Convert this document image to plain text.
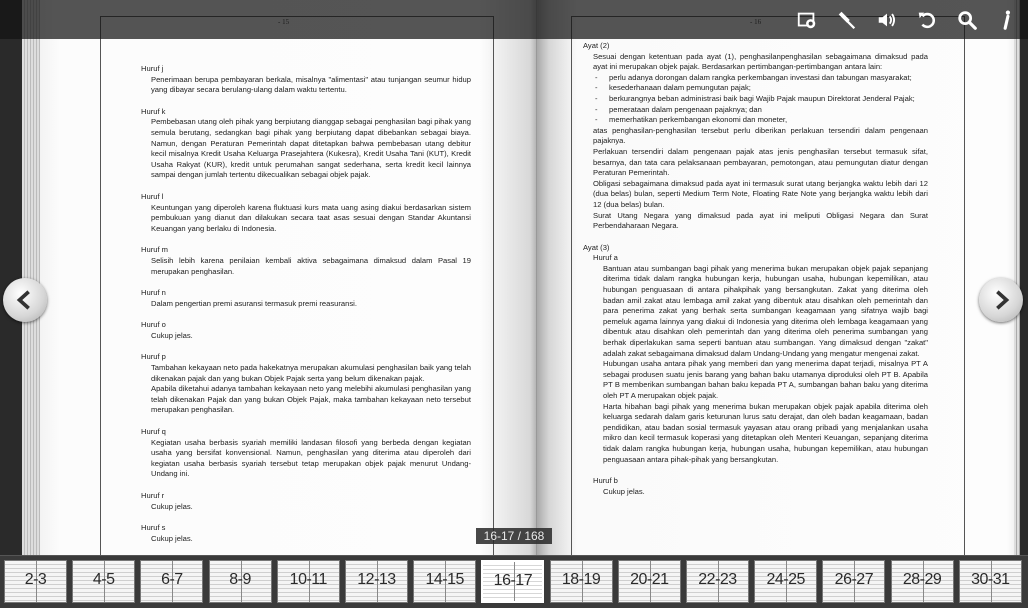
Huruf j

Penerimaan berupa pembayaran berkala, misalnya "alimentasi" atau tunjangan seumur hidup yang dibayar secara berulang-ulang dalam waktu tertentu.

Huruf k

Pembebasan utang oleh pihak yang berpiutang dianggap sebagai penghasilan bagi pihak yang semula berutang, sedangkan bagi pihak yang berpiutang dapat dibebankan sebagai biaya. Namun, dengan Peraturan Pemerintah dapat ditetapkan bahwa pembebasan utang debitur kecil misalnya Kredit Usaha Keluarga Prasejahtera (Kukesra), Kredit Usaha Tani (KUT), Kredit Usaha Rakyat (KUR), kredit untuk perumahan sangat sederhana, serta kredit kecil lainnya sampai dengan jumlah tertentu dikecualikan sebagai objek pajak.

Huruf l

Keuntungan yang diperoleh karena fluktuasi kurs mata uang asing diakui berdasarkan sistem pembukuan yang dianut dan dilakukan secara taat asas sesuai dengan Standar Akuntansi Keuangan yang berlaku di Indonesia.

Huruf m

Selisih lebih karena penilaian kembali aktiva sebagaimana dimaksud dalam Pasal 19 merupakan penghasilan.

Huruf n

Dalam pengertian premi asuransi termasuk premi reasuransi.

Huruf o

Cukup jelas.

Huruf p

Tambahan kekayaan neto pada hakekatnya merupakan akumulasi penghasilan baik yang telah dikenakan pajak dan yang bukan Objek Pajak serta yang belum dikenakan pajak.

Apabila diketahui adanya tambahan kekayaan neto yang melebihi akumulasi penghasilan yang telah dikenakan Pajak dan yang bukan Objek Pajak, maka tambahan kekayaan neto tersebut merupakan penghasilan.

Huruf q

Kegiatan usaha berbasis syariah memiliki landasan filosofi yang berbeda dengan kegiatan usaha yang bersifat konvensional. Namun, penghasilan yang diterima atau diperoleh dari kegiatan usaha berbasis syariah tersebut tetap merupakan objek pajak menurut Undang-Undang ini.

Huruf r

Cukup jelas.

Huruf s

Cukup jelas.

Ayat (2)
Sesuai dengan ketentuan pada ayat (1), penghasilanpenghasilan sebagaimana dimaksud pada ayat ini merupakan objek pajak. Berdasarkan pertimbangan-pertimbangan antara lain:
- perlu adanya dorongan dalam rangka perkembangan investasi dan tabungan masyarakat;
- kesederhanaan dalam pemungutan pajak;
- berkurangnya beban administrasi baik bagi Wajib Pajak maupun Direktorat Jenderal Pajak;
- pemerataan dalam pengenaan pajaknya; dan
- memerhatikan perkembangan ekonomi dan moneter,

atas penghasilan-penghasilan tersebut perlu diberikan perlakuan tersendiri dalam pengenaan pajaknya.

Perlakuan tersendiri dalam pengenaan pajak atas jenis penghasilan tersebut termasuk sifat, besarnya, dan tata cara pelaksanaan pembayaran, pemotongan, atau pemungutan diatur dengan Peraturan Pemerintah.

Obligasi sebagaimana dimaksud pada ayat ini termasuk surat utang berjangka waktu lebih dari 12 (dua belas) bulan, seperti Medium Term Note, Floating Rate Note yang berjangka waktu lebih dari 12 (dua belas) bulan.

Surat Utang Negara yang dimaksud pada ayat ini meliputi Obligasi Negara dan Surat Perbendaharaan Negara.

Ayat (3)
Huruf a

Bantuan atau sumbangan bagi pihak yang menerima bukan merupakan objek pajak sepanjang diterima tidak dalam rangka hubungan kerja, hubungan usaha, hubungan kepemilikan, atau hubungan penguasaan di antara pihakpihak yang bersangkutan. Zakat yang diterima oleh badan amil zakat atau lembaga amil zakat yang dibentuk atau disahkan oleh pemerintah dan para penerima zakat yang berhak serta sumbangan keagamaan yang sifatnya wajib bagi pemeluk agama lainnya yang diakui di Indonesia yang diterima oleh lembaga keagamaan yang dibentuk atau disahkan oleh pemerintah dan yang diterima oleh penerima sumbangan yang berhak diperlakukan sama seperti bantuan atau sumbangan. Yang dimaksud dengan "zakat" adalah zakat sebagaimana dimaksud dalam Undang-Undang yang mengatur mengenai zakat.

Hubungan usaha antara pihak yang memberi dan yang menerima dapat terjadi, misalnya PT A sebagai produsen suatu jenis barang yang bahan baku utamanya diproduksi oleh PT B. Apabila PT B memberikan sumbangan bahan baku kepada PT A, sumbangan bahan baku yang diterima oleh PT A merupakan objek pajak.

Harta hibahan bagi pihak yang menerima bukan merupakan objek pajak apabila diterima oleh keluarga sedarah dalam garis keturunan lurus satu derajat, dan oleh badan keagamaan, badan pendidikan, atau badan sosial termasuk yayasan atau orang pribadi yang menjalankan usaha mikro dan kecil termasuk koperasi yang ditetapkan oleh Menteri Keuangan, sepanjang diterima tidak dalam rangka hubungan kerja, hubungan usaha, hubungan kepemilikan, atau hubungan penguasaan antara pihak-pihak yang bersangkutan.

Huruf b
Cukup jelas.
16-17 / 168
2-3	4-5	6-7	8-9	10-11	12-13	14-15	16-17	18-19	20-21	22-23	24-25	26-27	28-29	30-31
